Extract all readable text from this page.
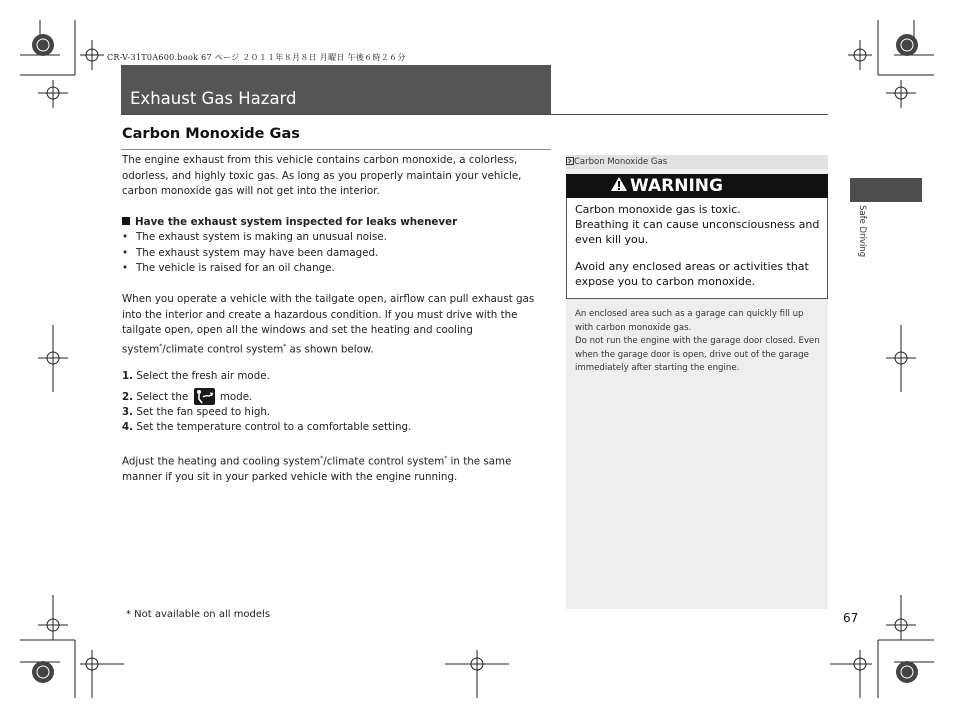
CR-V-31T0A600.book 67 ページ ２０１１年８月８日 月曜日 午後６時２６分
Exhaust Gas Hazard
Carbon Monoxide Gas
The engine exhaust from this vehicle contains carbon monoxide, a colorless, odorless, and highly toxic gas. As long as you properly maintain your vehicle, carbon monoxide gas will not get into the interior.
Have the exhaust system inspected for leaks whenever
• The exhaust system is making an unusual noise.
• The exhaust system may have been damaged.
• The vehicle is raised for an oil change.
When you operate a vehicle with the tailgate open, airflow can pull exhaust gas into the interior and create a hazardous condition. If you must drive with the tailgate open, open all the windows and set the heating and cooling system*/climate control system* as shown below.
1. Select the fresh air mode.
2. Select the  mode.
3. Set the fan speed to high.
4. Set the temperature control to a comfortable setting.
Adjust the heating and cooling system*/climate control system* in the same manner if you sit in your parked vehicle with the engine running.
* Not available on all models	67
Carbon Monoxide Gas
WARNING
Carbon monoxide gas is toxic.
Breathing it can cause unconsciousness and even kill you.
Avoid any enclosed areas or activities that expose you to carbon monoxide.
An enclosed area such as a garage can quickly fill up with carbon monoxide gas.
Do not run the engine with the garage door closed. Even when the garage door is open, drive out of the garage immediately after starting the engine.
Safe Driving
